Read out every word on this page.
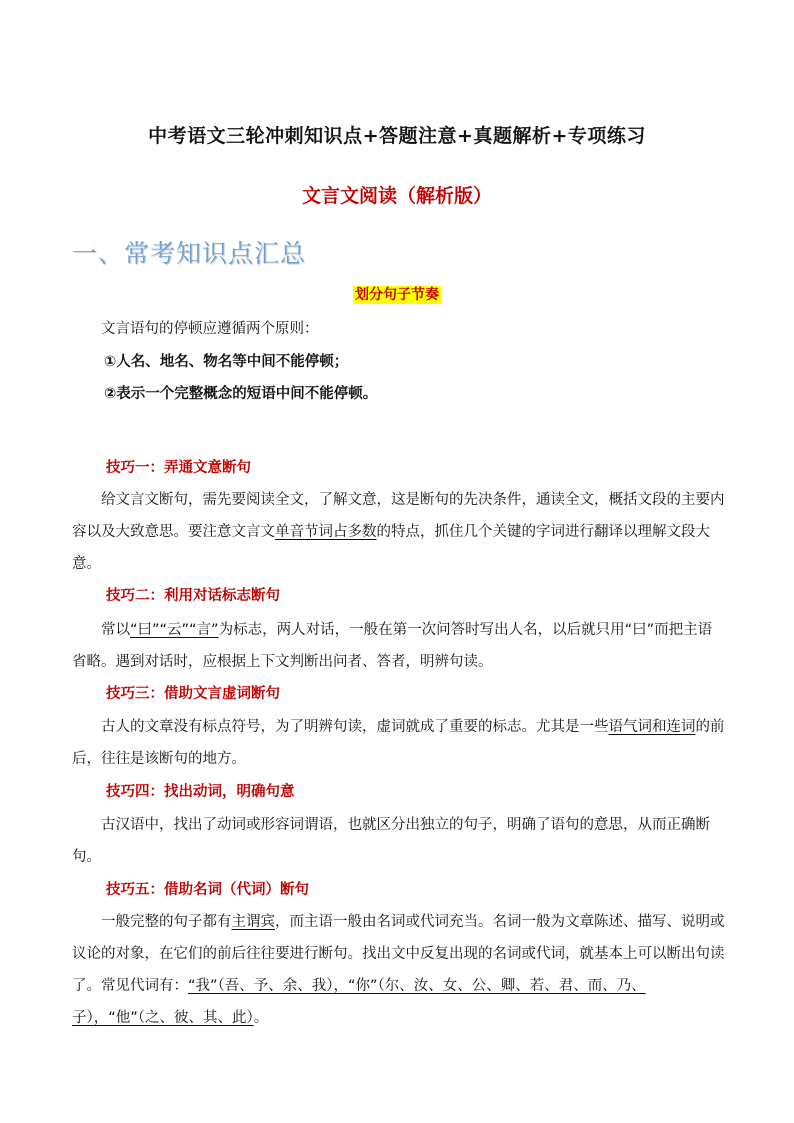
中考语文三轮冲刺知识点+答题注意+真题解析+专项练习
文言文阅读（解析版）
一、常考知识点汇总
划分句子节奏
文言语句的停顿应遵循两个原则：
①人名、地名、物名等中间不能停顿；
②表示一个完整概念的短语中间不能停顿。
技巧一：弄通文意断句
给文言文断句，需先要阅读全文，了解文意，这是断句的先决条件，通读全文，概括文段的主要内容以及大致意思。要注意文言文单音节词占多数的特点，抓住几个关键的字词进行翻译以理解文段大意。
技巧二：利用对话标志断句
常以“曰”“云”“言”为标志，两人对话，一般在第一次问答时写出人名，以后就只用“曰”而把主语省略。遇到对话时，应根据上下文判断出问者、答者，明辨句读。
技巧三：借助文言虚词断句
古人的文章没有标点符号，为了明辨句读，虚词就成了重要的标志。尤其是一些语气词和连词的前后，往往是该断句的地方。
技巧四：找出动词，明确句意
古汉语中，找出了动词或形容词谓语，也就区分出独立的句子，明确了语句的意思，从而正确断句。
技巧五：借助名词（代词）断句
一般完整的句子都有主谓宾，而主语一般由名词或代词充当。名词一般为文章陈述、描写、说明或议论的对象，在它们的前后往往要进行断句。找出文中反复出现的名词或代词，就基本上可以断出句读了。常见代词有：“我”（吾、予、余、我），“你”（尔、汝、女、公、卿、若、君、而、乃、子），“他”（之、彼、其、此）。
